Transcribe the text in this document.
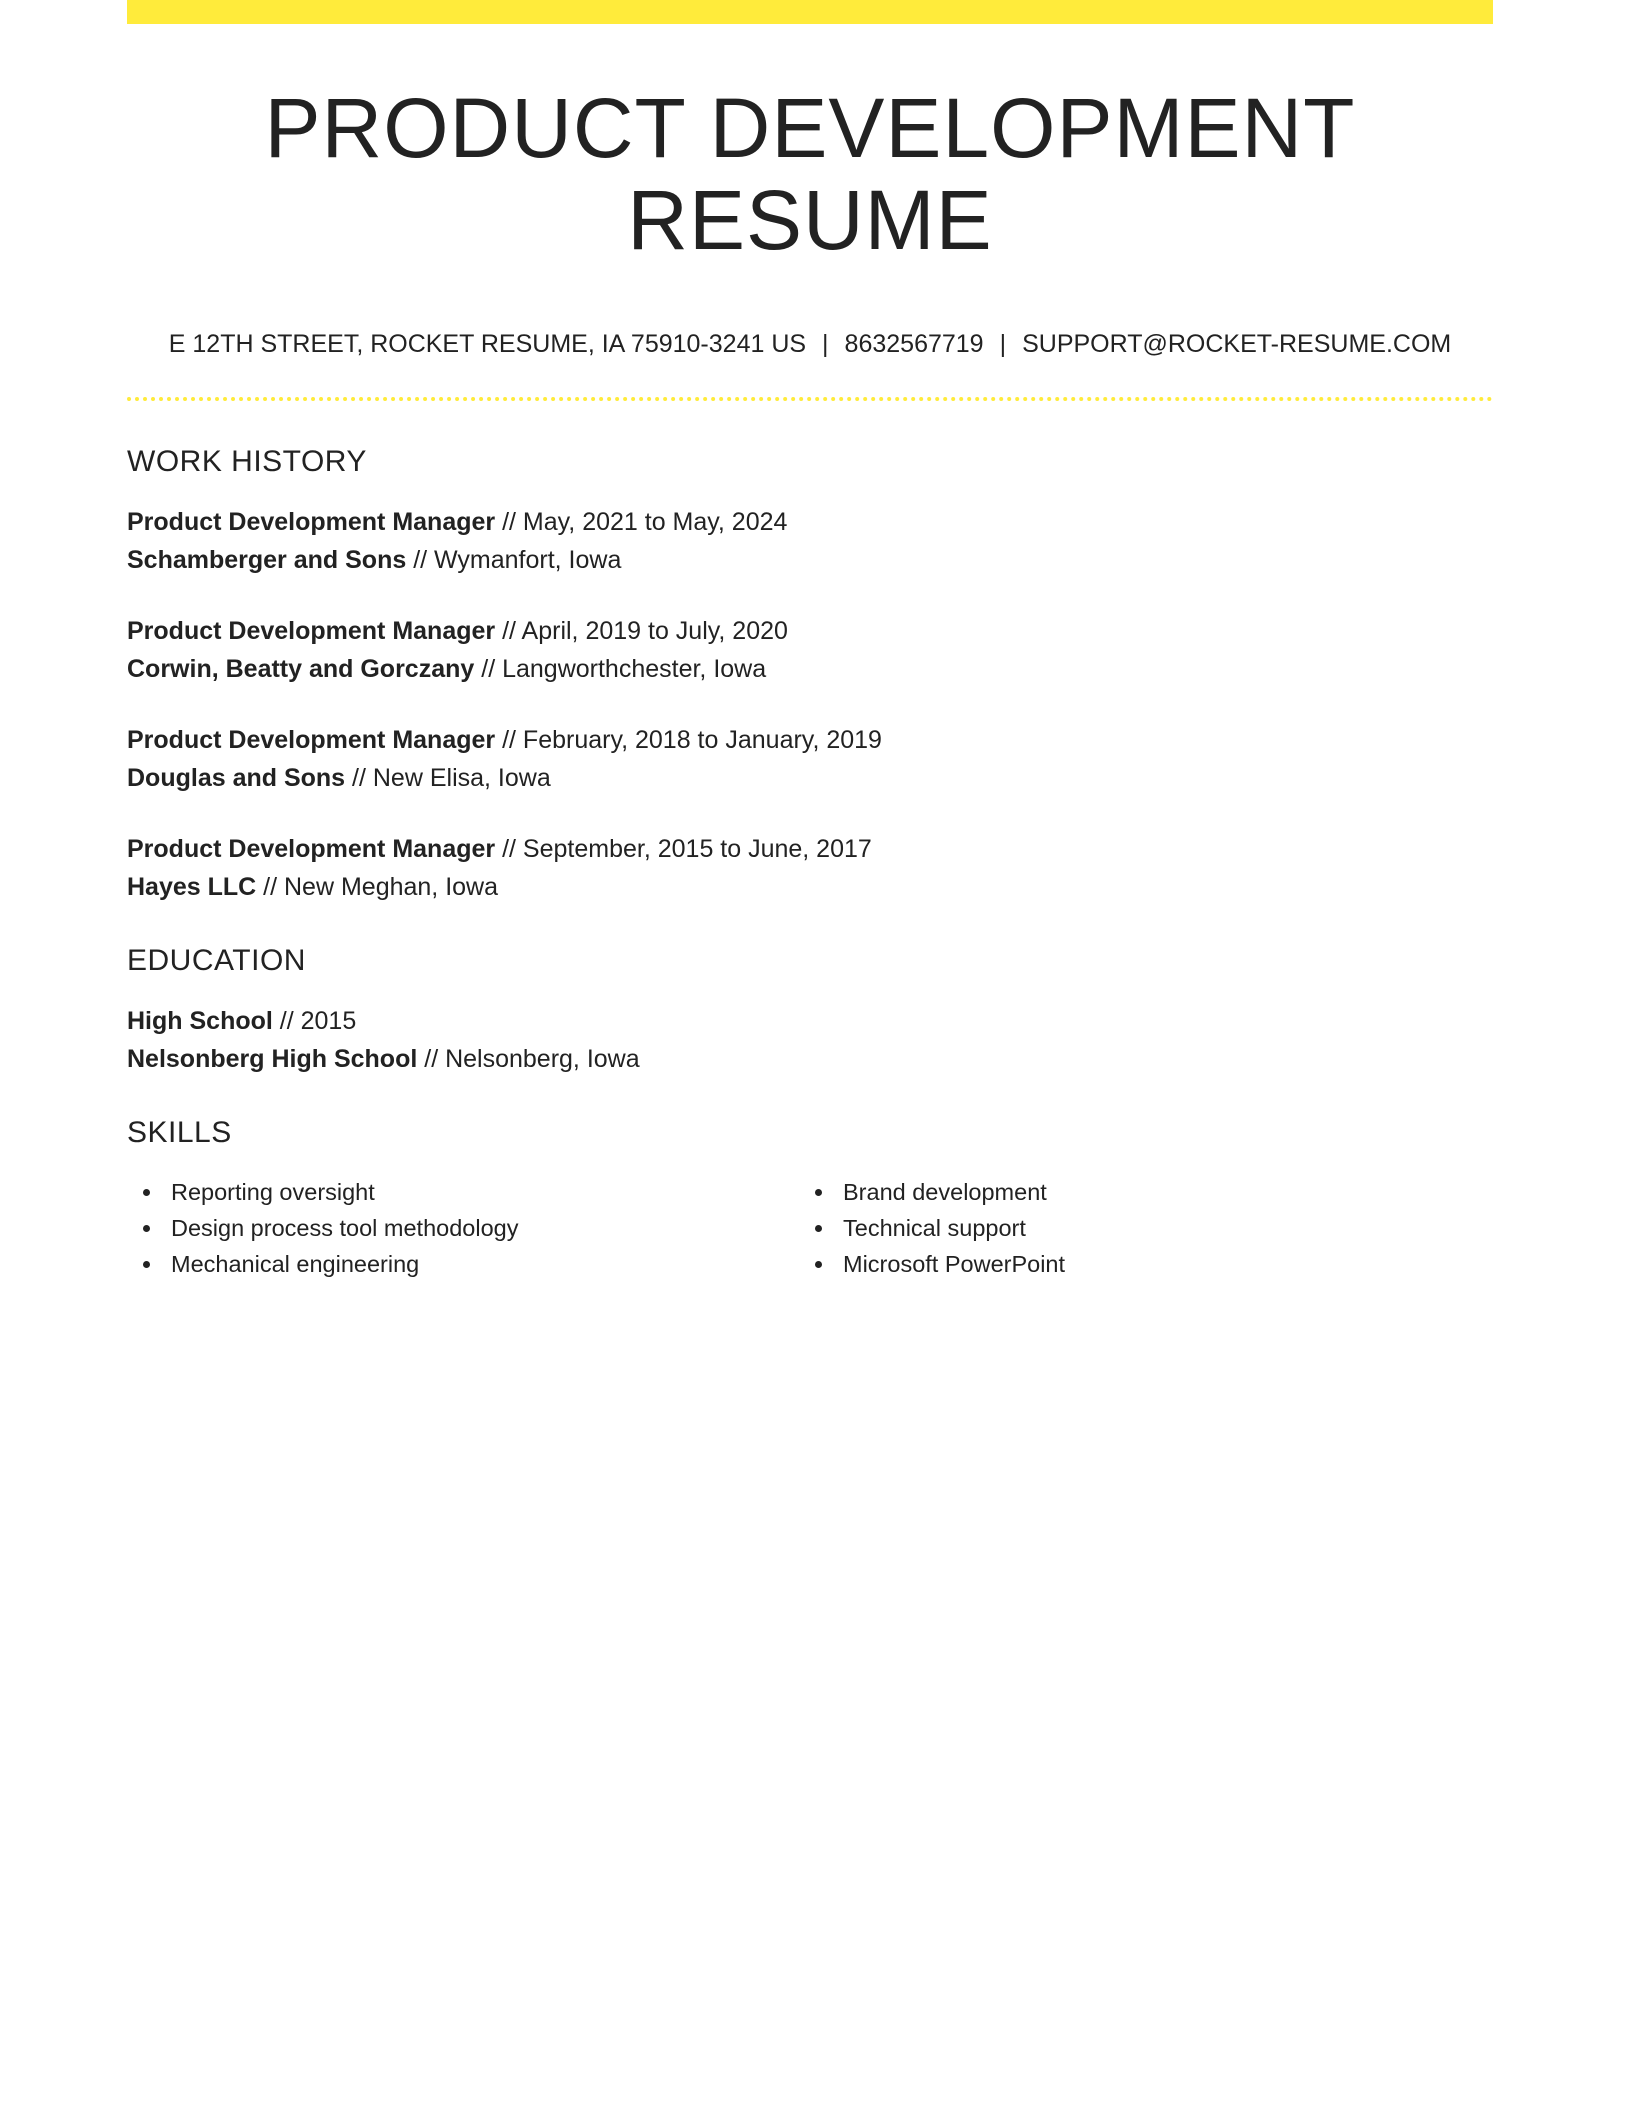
PRODUCT DEVELOPMENT RESUME
E 12TH STREET, ROCKET RESUME, IA 75910-3241 US | 8632567719 | SUPPORT@ROCKET-RESUME.COM
WORK HISTORY
Product Development Manager // May, 2021 to May, 2024
Schamberger and Sons // Wymanfort, Iowa
Product Development Manager // April, 2019 to July, 2020
Corwin, Beatty and Gorczany // Langworthchester, Iowa
Product Development Manager // February, 2018 to January, 2019
Douglas and Sons // New Elisa, Iowa
Product Development Manager // September, 2015 to June, 2017
Hayes LLC // New Meghan, Iowa
EDUCATION
High School // 2015
Nelsonberg High School // Nelsonberg, Iowa
SKILLS
Reporting oversight
Design process tool methodology
Mechanical engineering
Brand development
Technical support
Microsoft PowerPoint
